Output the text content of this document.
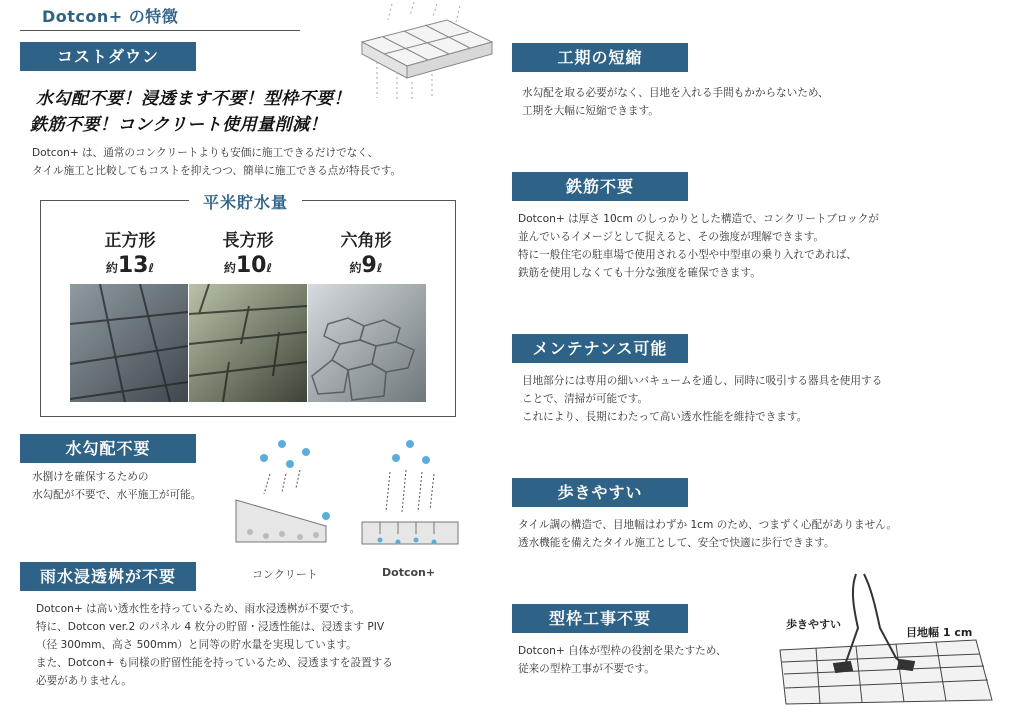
Dotcon+ の特徴
コストダウン
水勾配不要！浸透ます不要！型枠不要！
鉄筋不要！コンクリート使用量削減！
Dotcon+ は、通常のコンクリートよりも安価に施工できるだけでなく、
タイル施工と比較してもコストを抑えつつ、簡単に施工できる点が特長です。
平米貯水量
正方形
約13ℓ
長方形
約10ℓ
六角形
約9ℓ
水勾配不要
水捌けを確保するための
水勾配が不要で、水平施工が可能。
コンクリート	Dotcon+
雨水浸透桝が不要
Dotcon+ は高い透水性を持っているため、雨水浸透桝が不要です。
特に、Dotcon ver.2 のパネル 4 枚分の貯留・浸透性能は、浸透ます PIV
（径 300mm、高さ 500mm）と同等の貯水量を実現しています。
また、Dotcon+ も同様の貯留性能を持っているため、浸透ますを設置する
必要がありません。
工期の短縮
水勾配を取る必要がなく、目地を入れる手間もかからないため、
工期を大幅に短縮できます。
鉄筋不要
Dotcon+ は厚さ 10cm のしっかりとした構造で、コンクリートブロックが
並んでいるイメージとして捉えると、その強度が理解できます。
特に一般住宅の駐車場で使用される小型や中型車の乗り入れであれば、
鉄筋を使用しなくても十分な強度を確保できます。
メンテナンス可能
目地部分には専用の細いバキュームを通し、同時に吸引する器具を使用する
ことで、清掃が可能です。
これにより、長期にわたって高い透水性能を維持できます。
歩きやすい
タイル調の構造で、目地幅はわずか 1cm のため、つまずく心配がありません。
透水機能を備えたタイル施工として、安全で快適に歩行できます。
型枠工事不要
Dotcon+ 自体が型枠の役割を果たすため、
従来の型枠工事が不要です。
歩きやすい
目地幅 1 cm
